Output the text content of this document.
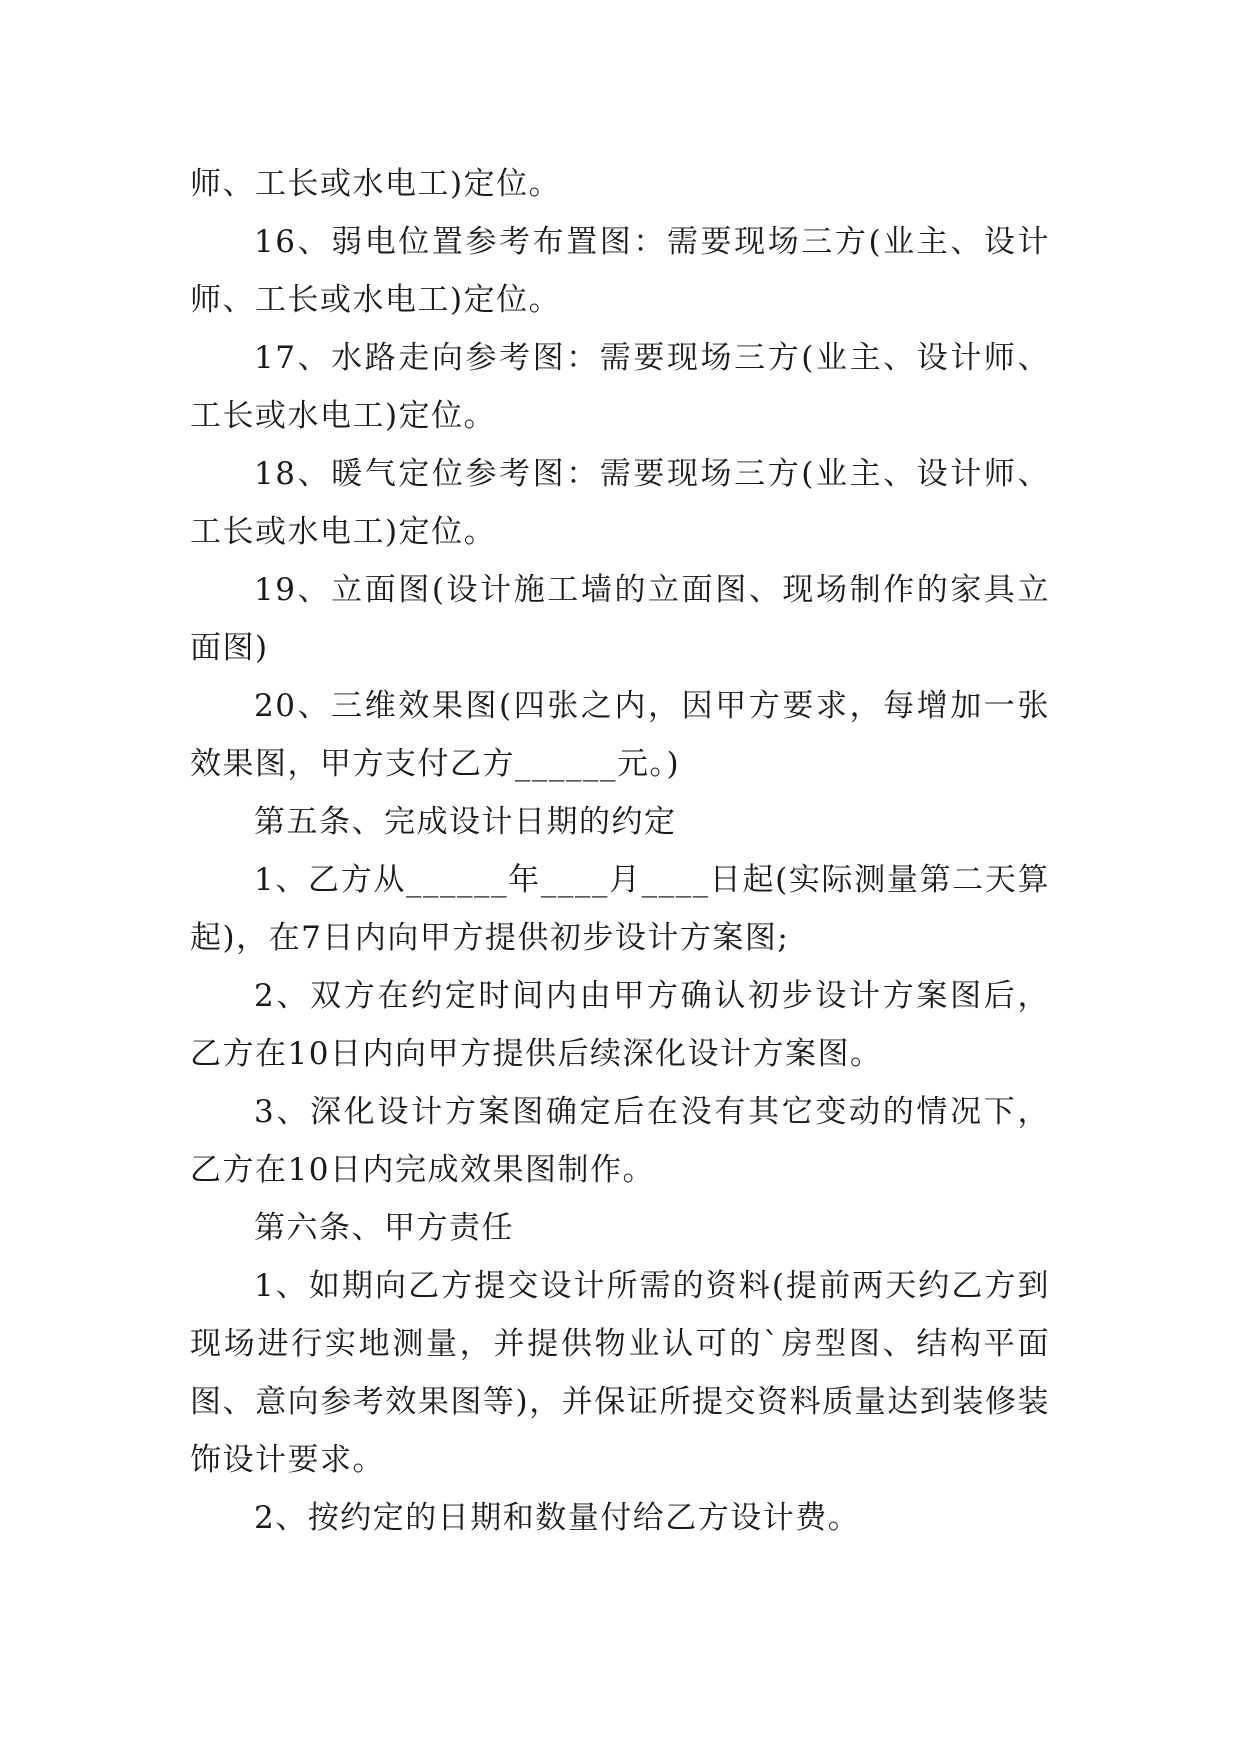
师、工长或水电工)定位。

16、弱电位置参考布置图：需要现场三方(业主、设计师、工长或水电工)定位。

17、水路走向参考图：需要现场三方(业主、设计师、工长或水电工)定位。

18、暖气定位参考图：需要现场三方(业主、设计师、工长或水电工)定位。

19、立面图(设计施工墙的立面图、现场制作的家具立面图)

20、三维效果图(四张之内，因甲方要求，每增加一张效果图，甲方支付乙方______元。)

第五条、完成设计日期的约定

1、乙方从______年____月____日起(实际测量第二天算起)，在7日内向甲方提供初步设计方案图;

2、双方在约定时间内由甲方确认初步设计方案图后，乙方在10日内向甲方提供后续深化设计方案图。

3、深化设计方案图确定后在没有其它变动的情况下，乙方在10日内完成效果图制作。

第六条、甲方责任

1、如期向乙方提交设计所需的资料(提前两天约乙方到现场进行实地测量，并提供物业认可的`房型图、结构平面图、意向参考效果图等)，并保证所提交资料质量达到装修装饰设计要求。

2、按约定的日期和数量付给乙方设计费。
